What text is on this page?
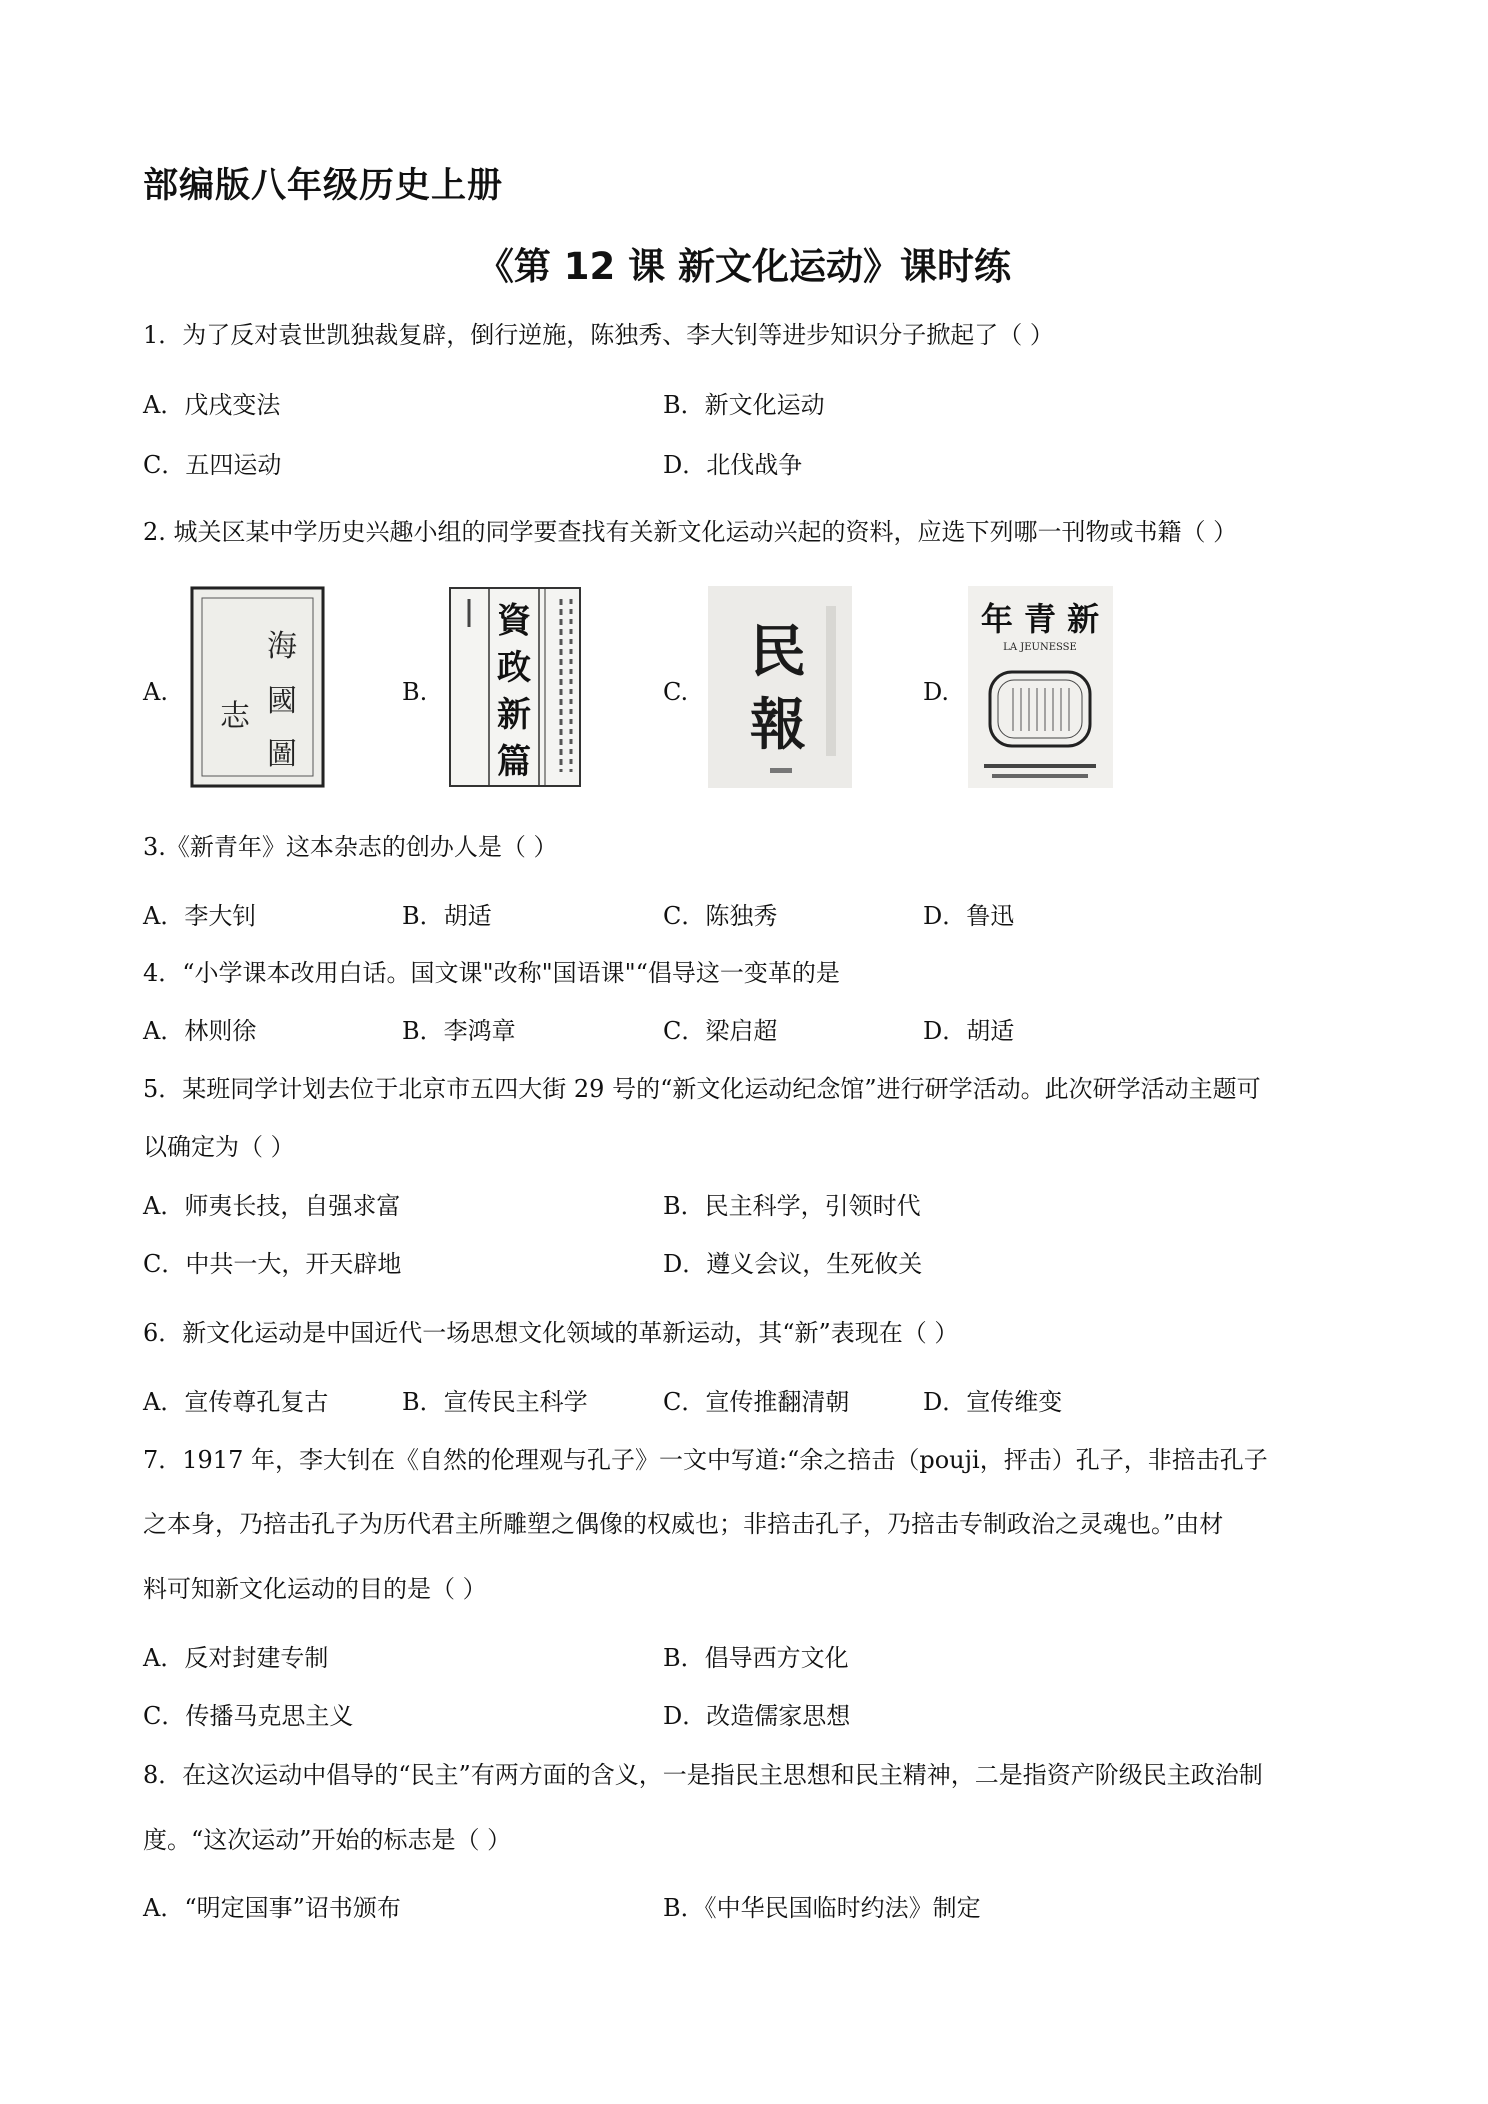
部编版八年级历史上册
《第 12 课 新文化运动》课时练
1．为了反对袁世凯独裁复辟，倒行逆施，陈独秀、李大钊等进步知识分子掀起了（ ）
A．戊戌变法	B．新文化运动
C．五四运动	D．北伐战争
2. 城关区某中学历史兴趣小组的同学要查找有关新文化运动兴起的资料，应选下列哪一刊物或书籍（ ）
A.
海
國
圖
志
B.
資
政
新
篇
C.
民
報	D.
年 青 新
LA JEUNESSE
3.《新青年》这本杂志的创办人是（ ）
A．李大钊	B．胡适	C．陈独秀	D．鲁迅
4．“小学课本改用白话。国文课"改称"国语课"“倡导这一变革的是
A．林则徐	B．李鸿章	C．梁启超	D．胡适
5．某班同学计划去位于北京市五四大街 29 号的“新文化运动纪念馆”进行研学活动。此次研学活动主题可
以确定为（ ）
A．师夷长技，自强求富	B．民主科学，引领时代
C．中共一大，开天辟地	D．遵义会议，生死攸关
6．新文化运动是中国近代一场思想文化领域的革新运动，其“新”表现在（ ）
A．宣传尊孔复古	B．宣传民主科学	C．宣传推翻清朝	D．宣传维变
7．1917 年，李大钊在《自然的伦理观与孔子》一文中写道:“余之掊击（pouji，抨击）孔子，非掊击孔子
之本身，乃掊击孔子为历代君主所雕塑之偶像的权威也；非掊击孔子，乃掊击专制政治之灵魂也。”由材
料可知新文化运动的目的是（ ）
A．反对封建专制	B．倡导西方文化
C．传播马克思主义	D．改造儒家思想
8．在这次运动中倡导的“民主”有两方面的含义，一是指民主思想和民主精神，二是指资产阶级民主政治制
度。“这次运动”开始的标志是（ ）
A．“明定国事”诏书颁布	B．《中华民国临时约法》制定
